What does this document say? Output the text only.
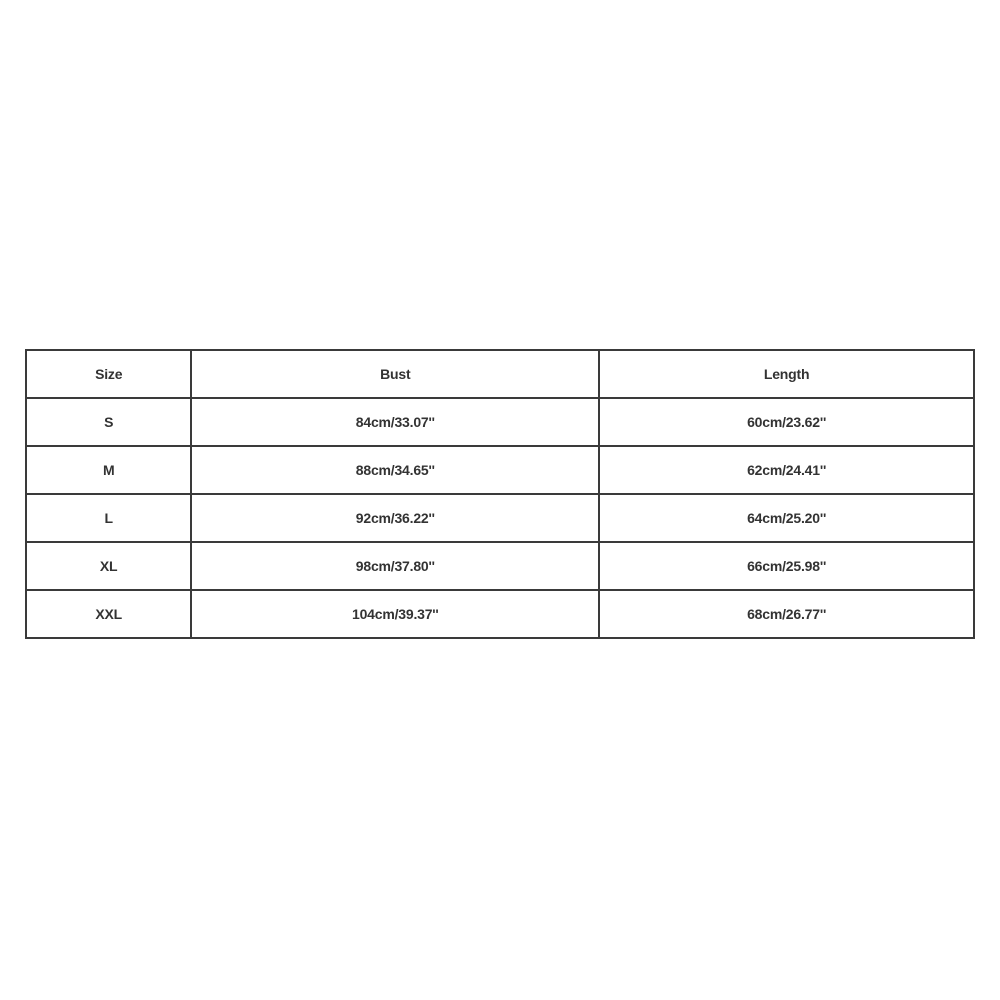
Size	Bust	Length
S	84cm/33.07''	60cm/23.62''
M	88cm/34.65''	62cm/24.41''
L	92cm/36.22''	64cm/25.20''
XL	98cm/37.80''	66cm/25.98''
XXL	104cm/39.37''	68cm/26.77''
